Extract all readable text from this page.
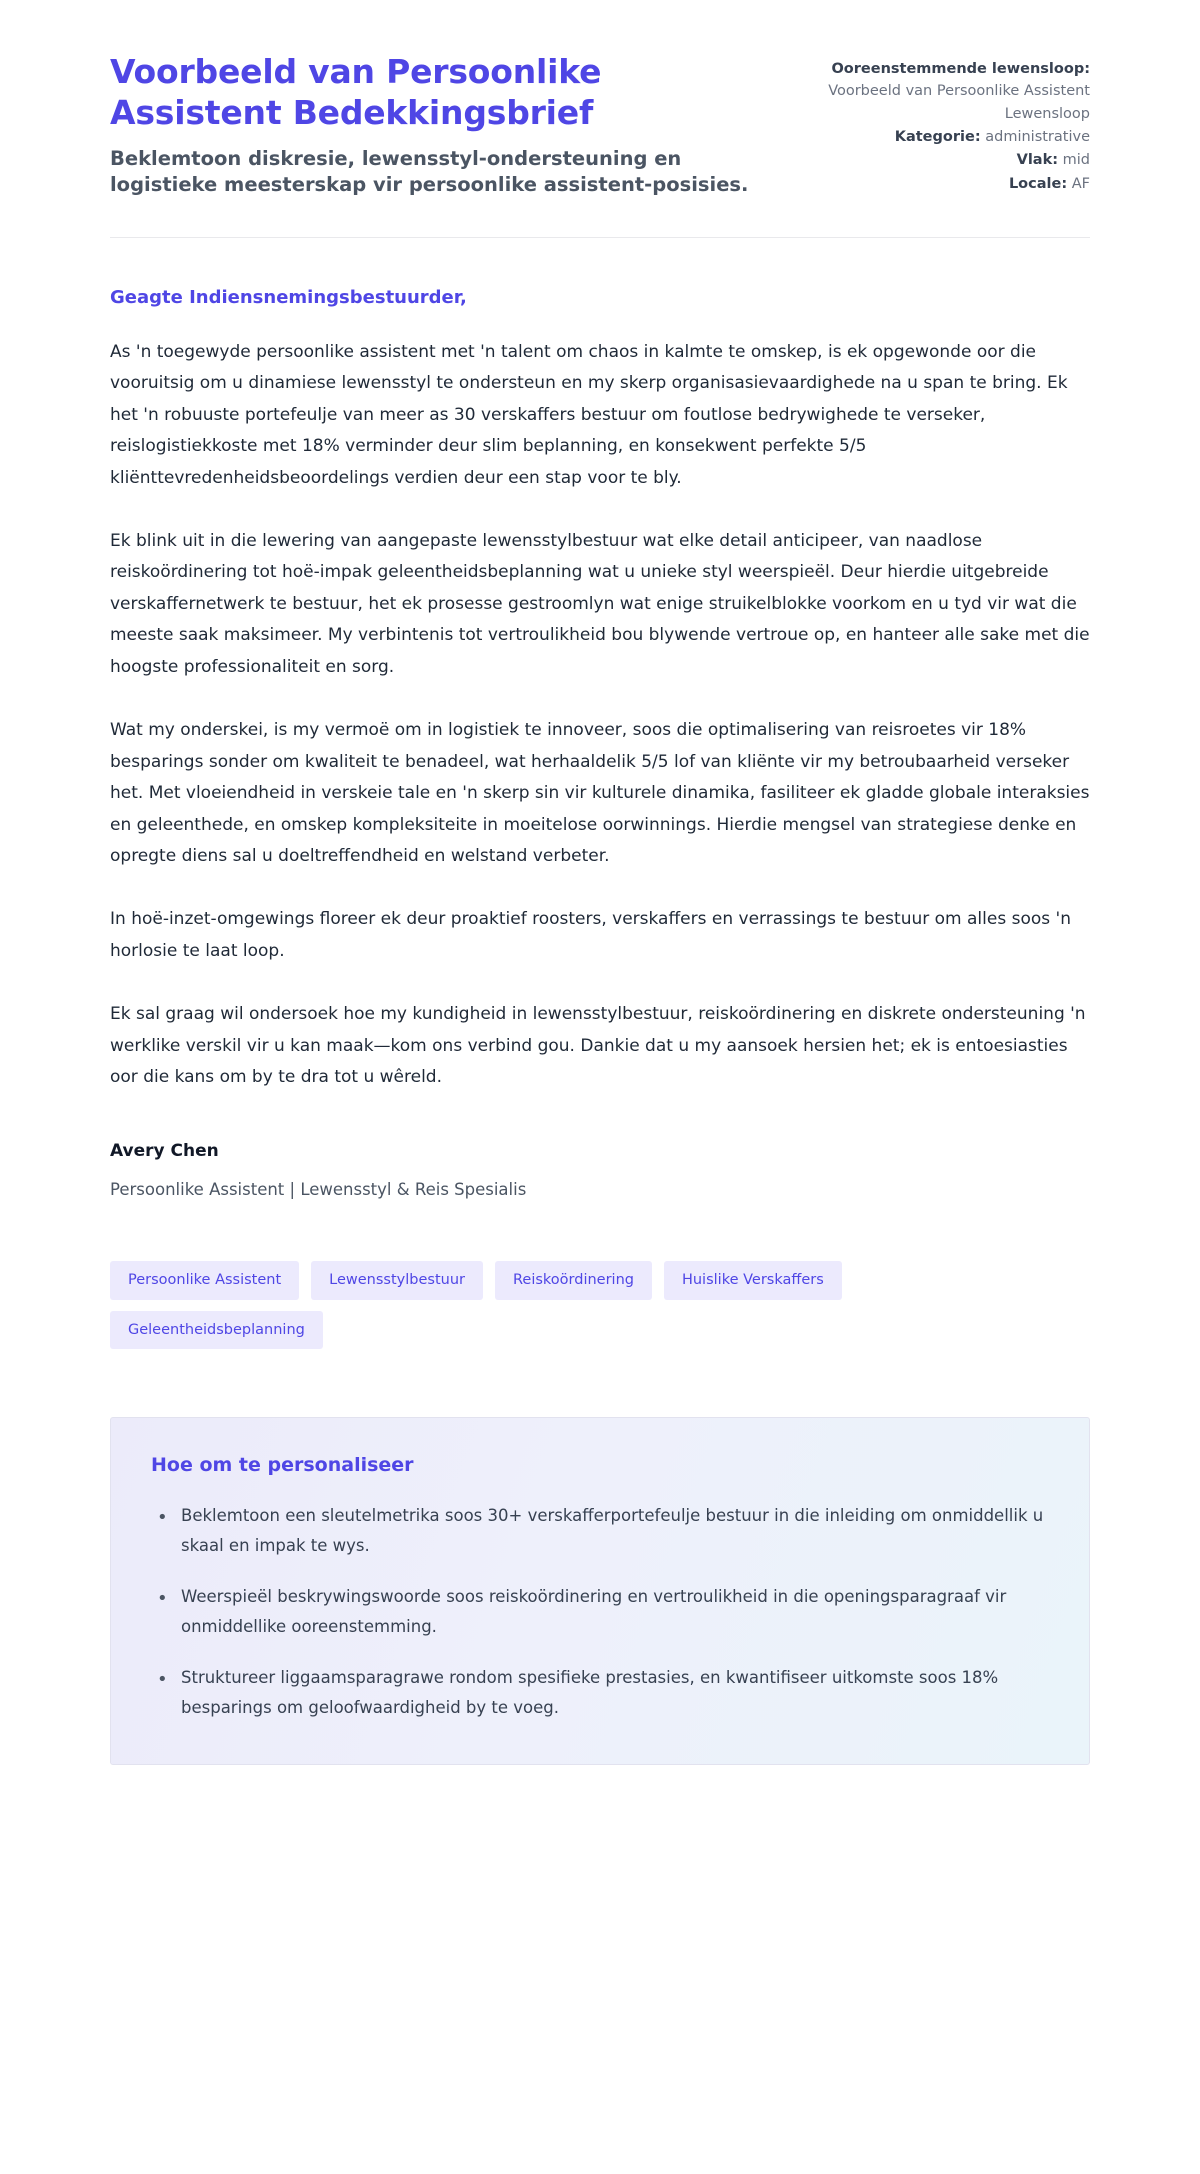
Voorbeeld van Persoonlike Assistent Bedekkingsbrief

Beklemtoon diskresie, lewensstyl-ondersteuning en logistieke meesterskap vir persoonlike assistent-posisies.

Ooreenstemmende lewensloop: Voorbeeld van Persoonlike Assistent Lewensloop
Kategorie: administrative
Vlak: mid
Locale: AF

Geagte Indiensnemingsbestuurder,

As 'n toegewyde persoonlike assistent met 'n talent om chaos in kalmte te omskep, is ek opgewonde oor die vooruitsig om u dinamiese lewensstyl te ondersteun en my skerp organisasievaardighede na u span te bring. Ek het 'n robuuste portefeulje van meer as 30 verskaffers bestuur om foutlose bedrywighede te verseker, reislogistiekkoste met 18% verminder deur slim beplanning, en konsekwent perfekte 5/5 kliënttevredenheidsbeoordelings verdien deur een stap voor te bly.

Ek blink uit in die lewering van aangepaste lewensstylbestuur wat elke detail anticipeer, van naadlose reiskoördinering tot hoë-impak geleentheidsbeplanning wat u unieke styl weerspieël. Deur hierdie uitgebreide verskaffernetwerk te bestuur, het ek prosesse gestroomlyn wat enige struikelblokke voorkom en u tyd vir wat die meeste saak maksimeer. My verbintenis tot vertroulikheid bou blywende vertroue op, en hanteer alle sake met die hoogste professionaliteit en sorg.

Wat my onderskei, is my vermoë om in logistiek te innoveer, soos die optimalisering van reisroetes vir 18% besparings sonder om kwaliteit te benadeel, wat herhaaldelik 5/5 lof van kliënte vir my betroubaarheid verseker het. Met vloeiendheid in verskeie tale en 'n skerp sin vir kulturele dinamika, fasiliteer ek gladde globale interaksies en geleenthede, en omskep kompleksiteite in moeitelose oorwinnings. Hierdie mengsel van strategiese denke en opregte diens sal u doeltreffendheid en welstand verbeter.

In hoë-inzet-omgewings floreer ek deur proaktief roosters, verskaffers en verrassings te bestuur om alles soos 'n horlosie te laat loop.

Ek sal graag wil ondersoek hoe my kundigheid in lewensstylbestuur, reiskoördinering en diskrete ondersteuning 'n werklike verskil vir u kan maak—kom ons verbind gou. Dankie dat u my aansoek hersien het; ek is entoesiasties oor die kans om by te dra tot u wêreld.

Avery Chen

Persoonlike Assistent | Lewensstyl & Reis Spesialis

Persoonlike Assistent	Lewensstylbestuur	Reiskoördinering	Huislike Verskaffers
Geleentheidsbeplanning
Hoe om te personaliseer
• Beklemtoon een sleutelmetrika soos 30+ verskafferportefeulje bestuur in die inleiding om onmiddellik u skaal en impak te wys.
• Weerspieël beskrywingswoorde soos reiskoördinering en vertroulikheid in die openingsparagraaf vir onmiddellike ooreenstemming.
• Struktureer liggaamsparagrawe rondom spesifieke prestasies, en kwantifiseer uitkomste soos 18% besparings om geloofwaardigheid by te voeg.
